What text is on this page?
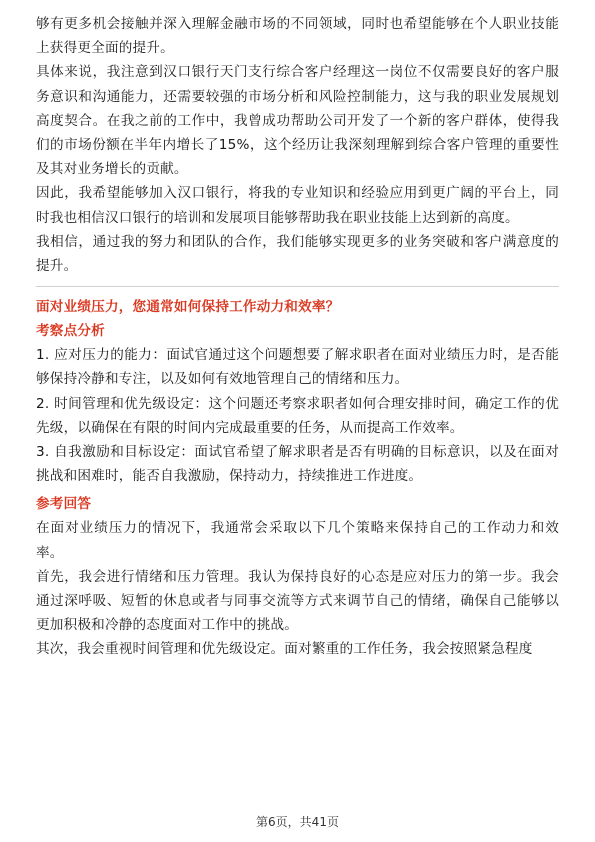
够有更多机会接触并深入理解金融市场的不同领域，同时也希望能够在个人职业技能上获得更全面的提升。

具体来说，我注意到汉口银行天门支行综合客户经理这一岗位不仅需要良好的客户服务意识和沟通能力，还需要较强的市场分析和风险控制能力，这与我的职业发展规划高度契合。在我之前的工作中，我曾成功帮助公司开发了一个新的客户群体，使得我们的市场份额在半年内增长了15%，这个经历让我深刻理解到综合客户管理的重要性及其对业务增长的贡献。

因此，我希望能够加入汉口银行，将我的专业知识和经验应用到更广阔的平台上，同时我也相信汉口银行的培训和发展项目能够帮助我在职业技能上达到新的高度。

我相信，通过我的努力和团队的合作，我们能够实现更多的业务突破和客户满意度的提升。

面对业绩压力，您通常如何保持工作动力和效率？

考察点分析

1. 应对压力的能力：面试官通过这个问题想要了解求职者在面对业绩压力时，是否能够保持冷静和专注，以及如何有效地管理自己的情绪和压力。

2. 时间管理和优先级设定：这个问题还考察求职者如何合理安排时间，确定工作的优先级，以确保在有限的时间内完成最重要的任务，从而提高工作效率。

3. 自我激励和目标设定：面试官希望了解求职者是否有明确的目标意识，以及在面对挑战和困难时，能否自我激励，保持动力，持续推进工作进度。

参考回答

在面对业绩压力的情况下，我通常会采取以下几个策略来保持自己的工作动力和效率。

首先，我会进行情绪和压力管理。我认为保持良好的心态是应对压力的第一步。我会通过深呼吸、短暂的休息或者与同事交流等方式来调节自己的情绪，确保自己能够以更加积极和冷静的态度面对工作中的挑战。

其次，我会重视时间管理和优先级设定。面对繁重的工作任务，我会按照紧急程度

第6页，共41页
